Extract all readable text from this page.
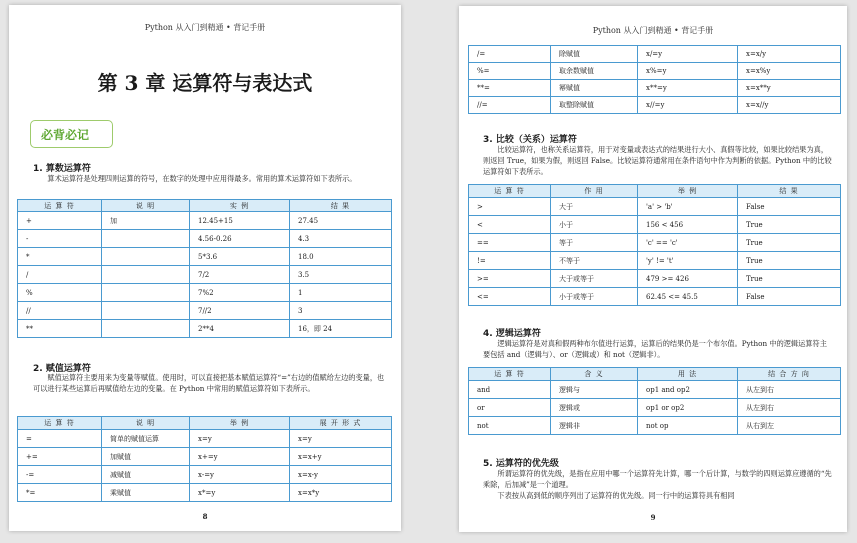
Python 从入门到精通 • 背记手册
第 3 章 运算符与表达式
必背必记
1. 算数运算符
算术运算符是处理四则运算的符号，在数字的处理中应用得最多。常用的算术运算符如下表所示。
运 算 符	说 明	实 例	结 果
+	加	12.45+15	27.45
-		4.56-0.26	4.3
*		5*3.6	18.0
/		7/2	3.5
%		7%2	1
//		7//2	3
**		2**4	16，即 24
2. 赋值运算符
赋值运算符主要用来为变量等赋值。使用时，可以直接把基本赋值运算符“=”右边的值赋给左边的变量，也可以进行某些运算后再赋值给左边的变量。在 Python 中常用的赋值运算符如下表所示。
运 算 符	说 明	举 例	展 开 形 式
=	简单的赋值运算	x=y	x=y
+=	加赋值	x+=y	x=x+y
-=	减赋值	x-=y	x=x-y
*=	乘赋值	x*=y	x=x*y
8
Python 从入门到精通 • 背记手册
/=	除赋值	x/=y	x=x/y
%=	取余数赋值	x%=y	x=x%y
**=	幂赋值	x**=y	x=x**y
//=	取整除赋值	x//=y	x=x//y
3. 比较（关系）运算符
比较运算符，也称关系运算符，用于对变量或表达式的结果进行大小、真假等比较，如果比较结果为真，则返回 True，如果为假，则返回 False。比较运算符通常用在条件语句中作为判断的依据。Python 中的比较运算符如下表所示。
运 算 符	作 用	举 例	结 果
>	大于	'a' > 'b'	False
<	小于	156 < 456	True
==	等于	'c' == 'c'	True
!=	不等于	'y' != 't'	True
>=	大于或等于	479 >= 426	True
<=	小于或等于	62.45 <= 45.5	False
4. 逻辑运算符
逻辑运算符是对真和假两种布尔值进行运算，运算后的结果仍是一个布尔值。Python 中的逻辑运算符主要包括 and（逻辑与）、or（逻辑或）和 not（逻辑非）。
运 算 符	含 义	用 法	结 合 方 向
and	逻辑与	op1 and op2	从左到右
or	逻辑或	op1 or op2	从左到右
not	逻辑非	not op	从右到左
5. 运算符的优先级
所谓运算符的优先级，是指在应用中哪一个运算符先计算，哪一个后计算，与数学的四则运算应遵循的“先乘除，后加减”是一个道理。
下表按从高到低的顺序列出了运算符的优先级。同一行中的运算符具有相同
9
